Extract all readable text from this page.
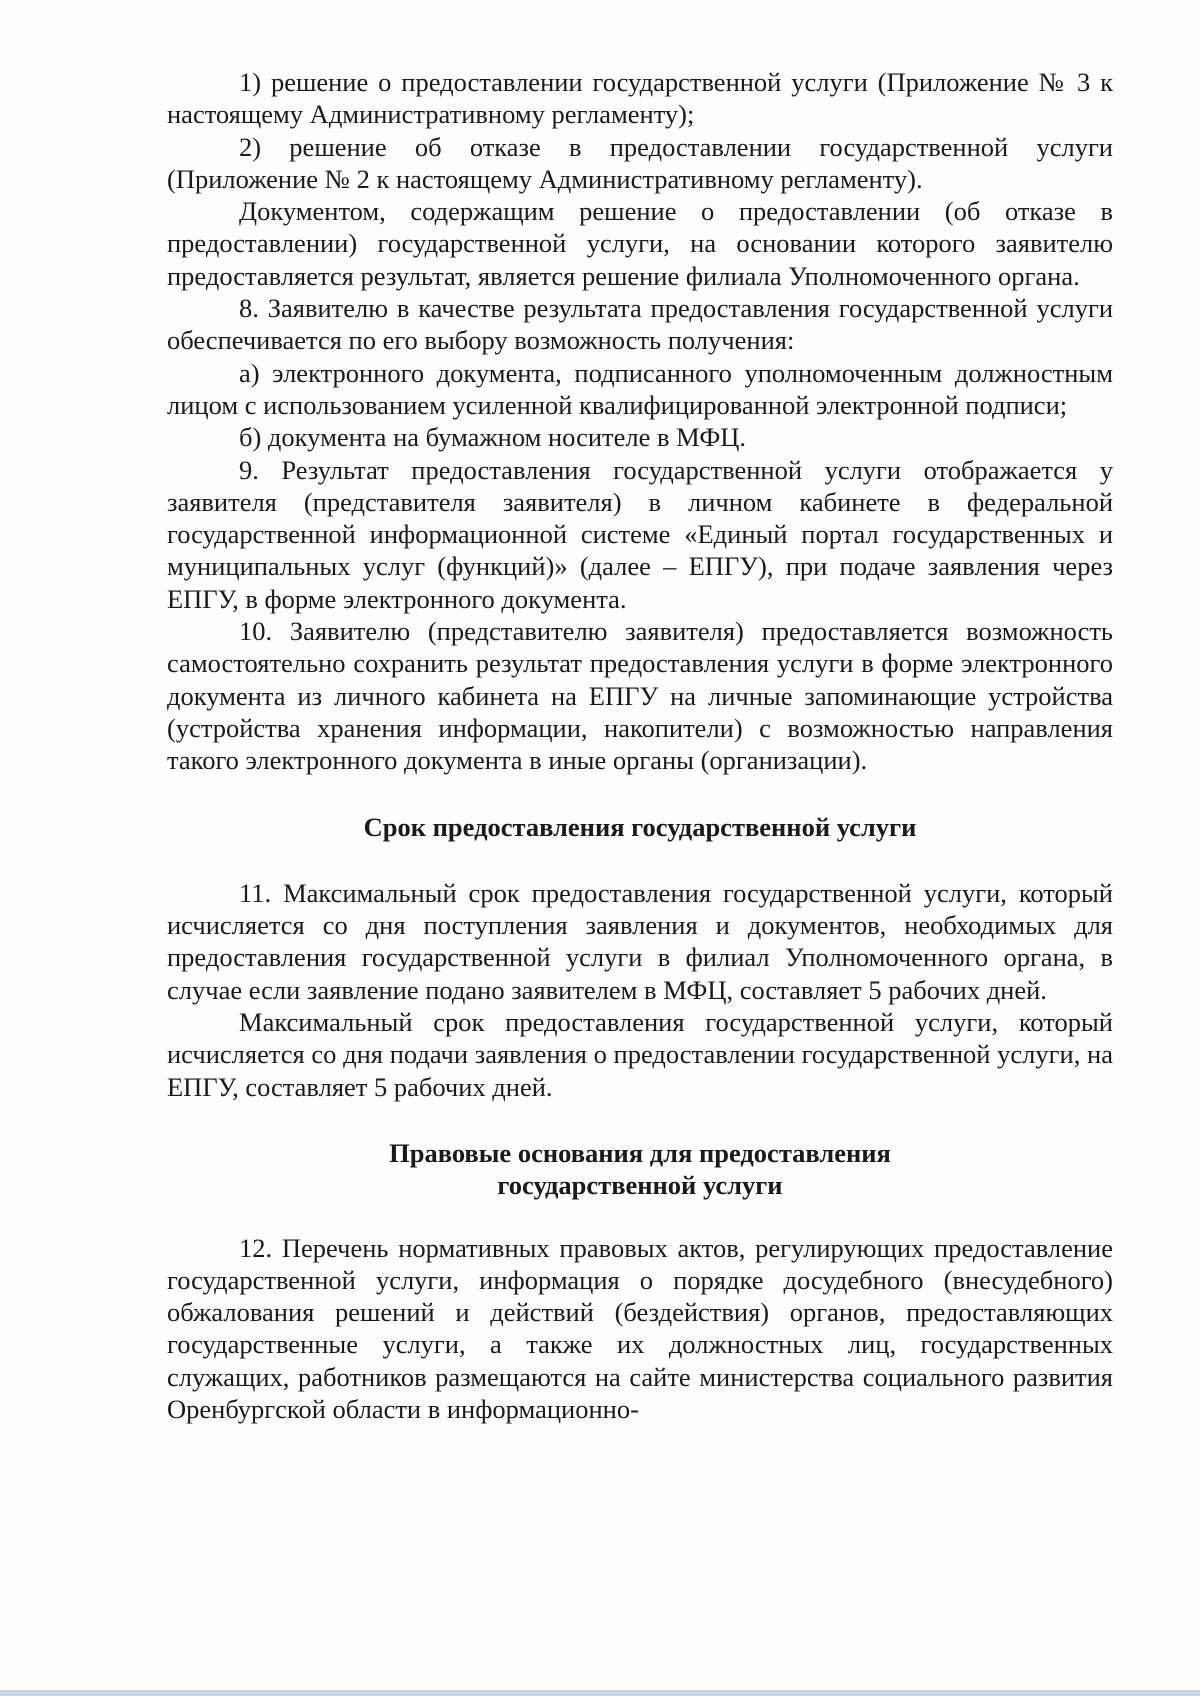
1) решение о предоставлении государственной услуги (Приложение № 3 к настоящему Административному регламенту);

2) решение об отказе в предоставлении государственной услуги (Приложение № 2 к настоящему Административному регламенту).

Документом, содержащим решение о предоставлении (об отказе в предоставлении) государственной услуги, на основании которого заявителю предоставляется результат, является решение филиала Уполномоченного органа.

8. Заявителю в качестве результата предоставления государственной услуги обеспечивается по его выбору возможность получения:

а) электронного документа, подписанного уполномоченным должностным лицом с использованием усиленной квалифицированной электронной подписи;

б) документа на бумажном носителе в МФЦ.

9. Результат предоставления государственной услуги отображается у заявителя (представителя заявителя) в личном кабинете в федеральной государственной информационной системе «Единый портал государственных и муниципальных услуг (функций)» (далее – ЕПГУ), при подаче заявления через ЕПГУ, в форме электронного документа.

10. Заявителю (представителю заявителя) предоставляется возможность самостоятельно сохранить результат предоставления услуги в форме электронного документа из личного кабинета на ЕПГУ на личные запоминающие устройства (устройства хранения информации, накопители) с возможностью направления такого электронного документа в иные органы (организации).

Срок предоставления государственной услуги

11. Максимальный срок предоставления государственной услуги, который исчисляется со дня поступления заявления и документов, необходимых для предоставления государственной услуги в филиал Уполномоченного органа, в случае если заявление подано заявителем в МФЦ, составляет 5 рабочих дней.

Максимальный срок предоставления государственной услуги, который исчисляется со дня подачи заявления о предоставлении государственной услуги, на ЕПГУ, составляет 5 рабочих дней.

Правовые основания для предоставления
государственной услуги

12. Перечень нормативных правовых актов, регулирующих предоставление государственной услуги, информация о порядке досудебного (внесудебного) обжалования решений и действий (бездействия) органов, предоставляющих государственные услуги, а также их должностных лиц, государственных служащих, работников размещаются на сайте министерства социального развития Оренбургской области в информационно-
